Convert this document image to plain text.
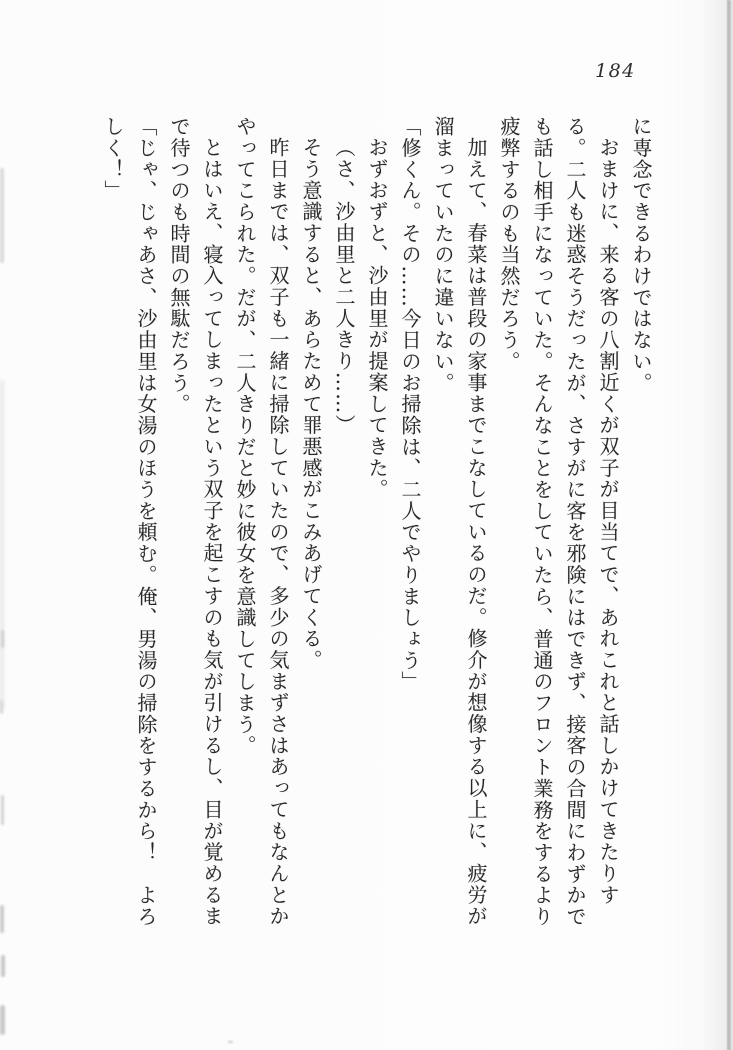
184

に専念できるわけではない。

おまけに、来る客の八割近くが双子が目当てで、あれこれと話しかけてきたりする。二人も迷惑そうだったが、さすがに客を邪険にはできず、接客の合間にわずかでも話し相手になっていた。そんなことをしていたら、普通のフロント業務をするより疲弊するのも当然だろう。

加えて、春菜は普段の家事までこなしているのだ。修介が想像する以上に、疲労が溜まっていたのに違いない。

「修くん。その……今日のお掃除は、二人でやりましょう」

おずおずと、沙由里が提案してきた。

（さ、沙由里と二人きり……）

そう意識すると、あらためて罪悪感がこみあげてくる。

昨日までは、双子も一緒に掃除していたので、多少の気まずさはあってもなんとかやってこられた。だが、二人きりだと妙に彼女を意識してしまう。

とはいえ、寝入ってしまったという双子を起こすのも気が引けるし、目が覚めるまで待つのも時間の無駄だろう。

「じゃ、じゃあさ、沙由里は女湯のほうを頼む。俺、男湯の掃除をするから！　よろしく！」
